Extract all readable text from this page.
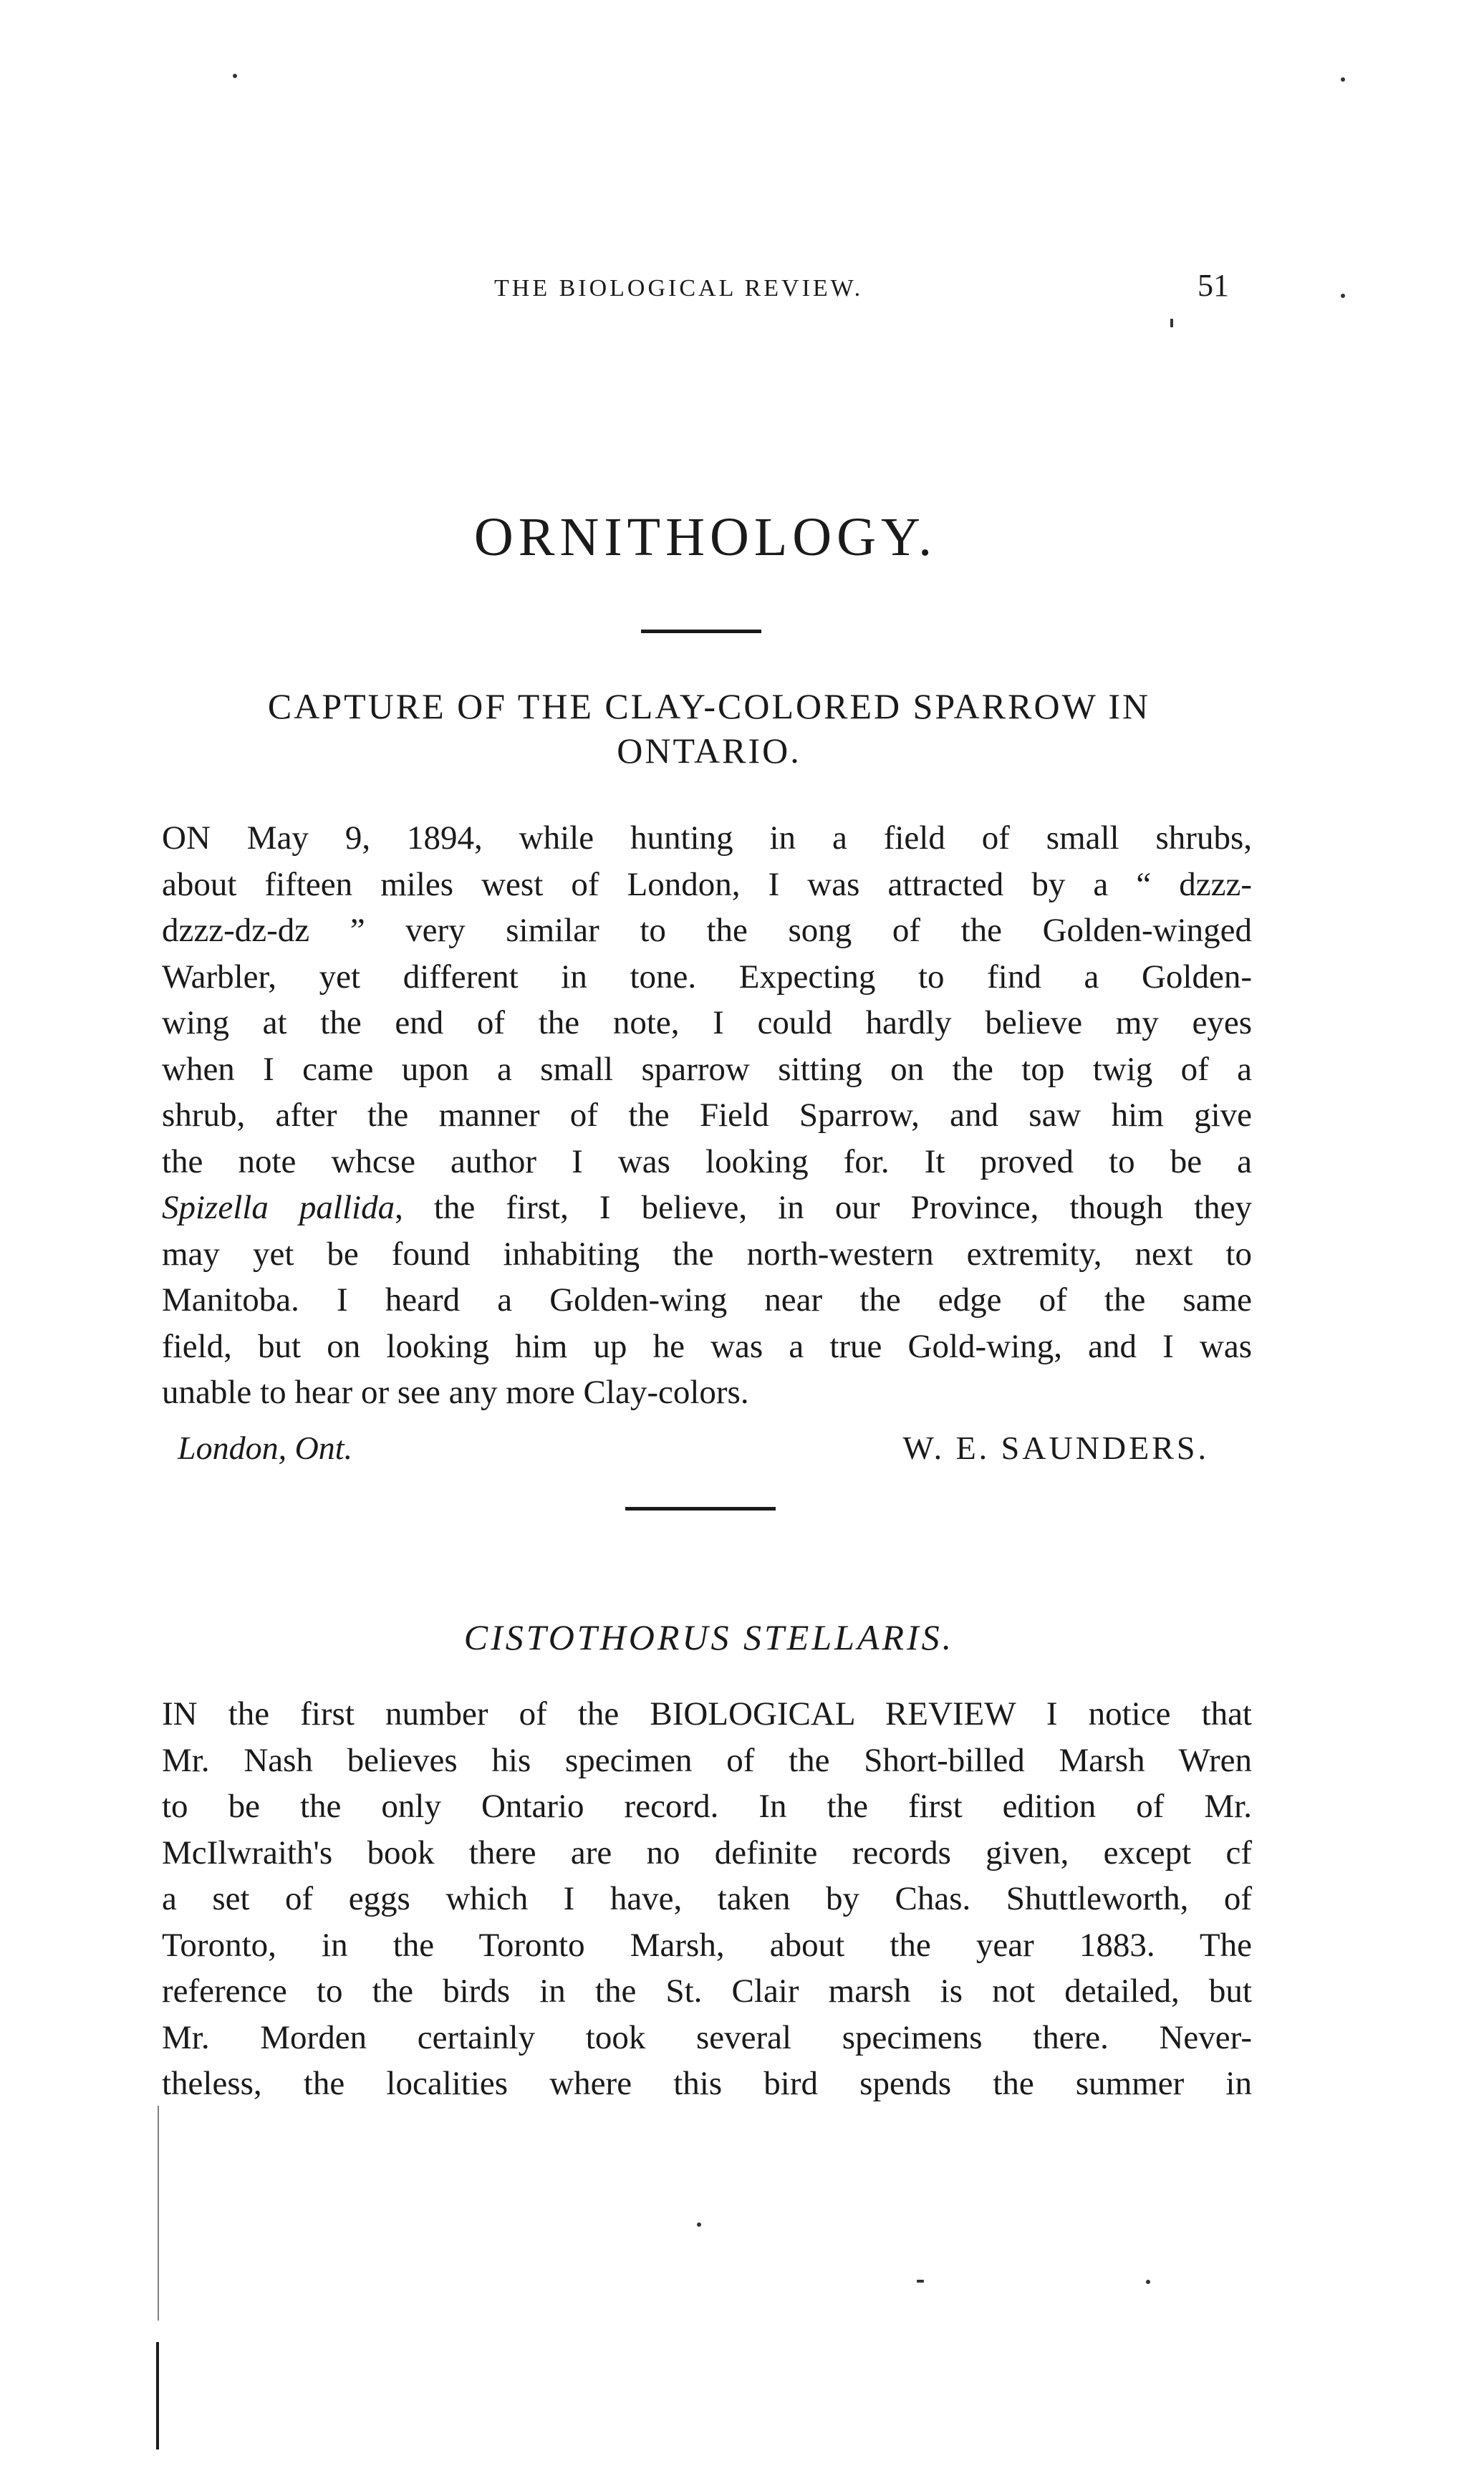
THE BIOLOGICAL REVIEW.	51
ORNITHOLOGY.
CAPTURE OF THE CLAY-COLORED SPARROW IN
ONTARIO.
ON May 9, 1894, while hunting in a field of small shrubs,
about fifteen miles west of London, I was attracted by a “ dzzz-
dzzz-dz-dz ” very similar to the song of the Golden-winged
Warbler, yet different in tone. Expecting to find a Golden-
wing at the end of the note, I could hardly believe my eyes
when I came upon a small sparrow sitting on the top twig of a
shrub, after the manner of the Field Sparrow, and saw him give
the note whcse author I was looking for. It proved to be a
Spizella pallida, the first, I believe, in our Province, though they
may yet be found inhabiting the north-western extremity, next to
Manitoba. I heard a Golden-wing near the edge of the same
field, but on looking him up he was a true Gold-wing, and I was
unable to hear or see any more Clay-colors.
London, Ont.	W. E. SAUNDERS.
CISTOTHORUS STELLARIS.
IN the first number of the BIOLOGICAL REVIEW I notice that
Mr. Nash believes his specimen of the Short-billed Marsh Wren
to be the only Ontario record. In the first edition of Mr.
McIlwraith's book there are no definite records given, except cf
a set of eggs which I have, taken by Chas. Shuttleworth, of
Toronto, in the Toronto Marsh, about the year 1883. The
reference to the birds in the St. Clair marsh is not detailed, but
Mr. Morden certainly took several specimens there. Never-
theless, the localities where this bird spends the summer in
